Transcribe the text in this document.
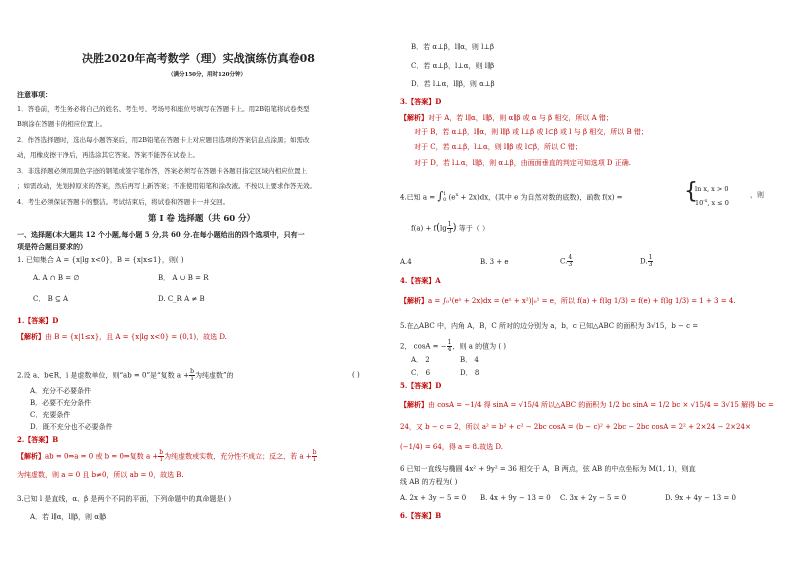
决胜2020年高考数学（理）实战演练仿真卷08
（满分150分，用时120分钟）
注意事项：
1．答卷前，考生务必将自己的姓名、考生号、考场号和座位号填写在答题卡上。用2B铅笔将试卷类型
B填涂在答题卡的相应位置上。
2．作答选择题时，选出每小题答案后，用2B铅笔在答题卡上对应题目选项的答案信息点涂黑；如需改
动，用橡皮擦干净后，再选涂其它答案。答案不能答在试卷上。
3．非选择题必须用黑色字迹的钢笔或签字笔作答，答案必须写在答题卡各题目指定区域内相应位置上
；如需改动，先划掉原来的答案，然后再写上新答案；不准使用铅笔和涂改液。不按以上要求作答无效。
4．考生必须保证答题卡的整洁。考试结束后，将试卷和答题卡一并交回。
第 I 卷 选择题（共 60 分）
一、选择题(本大题共 12 个小题,每小题 5 分,共 60 分.在每小题给出的四个选项中，只有一
项是符合题目要求的）
1. 已知集合 A = {x|lg x<0}，B = {x|x≤1}，则( )
A. A ∩ B = ∅	B． A ∪ B = R
C． B ⊆ A	D. C_R A ≠ B
1.【答案】D
【解析】由 B = {x|1≤x}，且 A = {x|lg x<0} = (0,1)，故选 D.
2.设 a、b∈R，i 是虚数单位，则“ab = 0”是“复数 $a + \frac{b}{i}$ 为纯虚数”的	( )
A．充分不必要条件
B．必要不充分条件
C．充要条件
D．既不充分也不必要条件
2.【答案】B
【解析】ab = 0⇒a = 0 或 b = 0⇒复数 $a + \frac{b}{i}$ 为纯虚数或实数，充分性不成立；反之，若 $a + \frac{b}{i}$
为纯虚数，则 a = 0 且 b≠0，所以 ab = 0，故选 B.
3.已知 l 是直线，α、β 是两个不同的平面，下列命题中的真命题是( )
A．若 l∥α，l∥β，则 α∥β
B．若 α⊥β，l∥α，则 l⊥β
C．若 α⊥β，l⊥α，则 l∥β
D．若 l⊥α，l∥β，则 α⊥β
3.【答案】D
【解析】对于 A，若 l∥α，l∥β，则 α∥β 或 α 与 β 相交，所以 A 错；
对于 B，若 α⊥β，l∥α，则 l∥β 或 l⊥β 或 l⊂β 或 l 与 β 相交，所以 B 错；
对于 C，若 α⊥β，l⊥α，则 l∥β 或 l⊂β，所以 C 错；
对于 D，若 l⊥α，l∥β，则 α⊥β，由面面垂直的判定可知选项 D 正确.
4.已知 a = ∫ 1
0 $(e^x + 2x)dx$，(其中 e 为自然对数的底数)，函数 f(x) =	{
ln x, x > 0
$10^{-x}$, x ≤ 0
，则
$f(a) + f(\lg \frac{1}{3}$ ) 等于（ ）
A.4	B. 3 + e	C. $\frac{4}{3}$	D. $\frac{1}{3}$
4.【答案】A
【解析】a = ∫₀¹(eˣ + 2x)dx = (eˣ + x²)|₀¹ = e，所以 f(a) + f(lg 1/3) = f(e) + f(lg 1/3) = 1 + 3 = 4.
5.在△ABC 中，内角 A，B，C 所对的边分别为 a，b，c 已知△ABC 的面积为 3√15，b − c =
2， cosA = − $\frac{1}{4}$ ，则 a 的值为 ( )
A． 2	B． 4
C． 6	D． 8
5.【答案】D
【解析】由 cosA = −1/4 得 sinA = √15/4 所以△ABC 的面积为 1/2 bc sinA = 1/2 bc × √15/4 = 3√15 解得 bc =
24，又 b − c = 2，所以 a² = b² + c² − 2bc cosA = (b − c)² + 2bc − 2bc cosA = 2² + 2×24 − 2×24×
(−1/4) = 64，得 a = 8.故选 D.
6 已知一直线与椭圆 4x² + 9y² = 36 相交于 A，B 两点，弦 AB 的中点坐标为 M(1, 1)，则直
线 AB 的方程为( )
A. 2x + 3y − 5 = 0 B. 4x + 9y − 13 = 0 C. 3x + 2y − 5 = 0	D. 9x + 4y − 13 = 0
6.【答案】B
